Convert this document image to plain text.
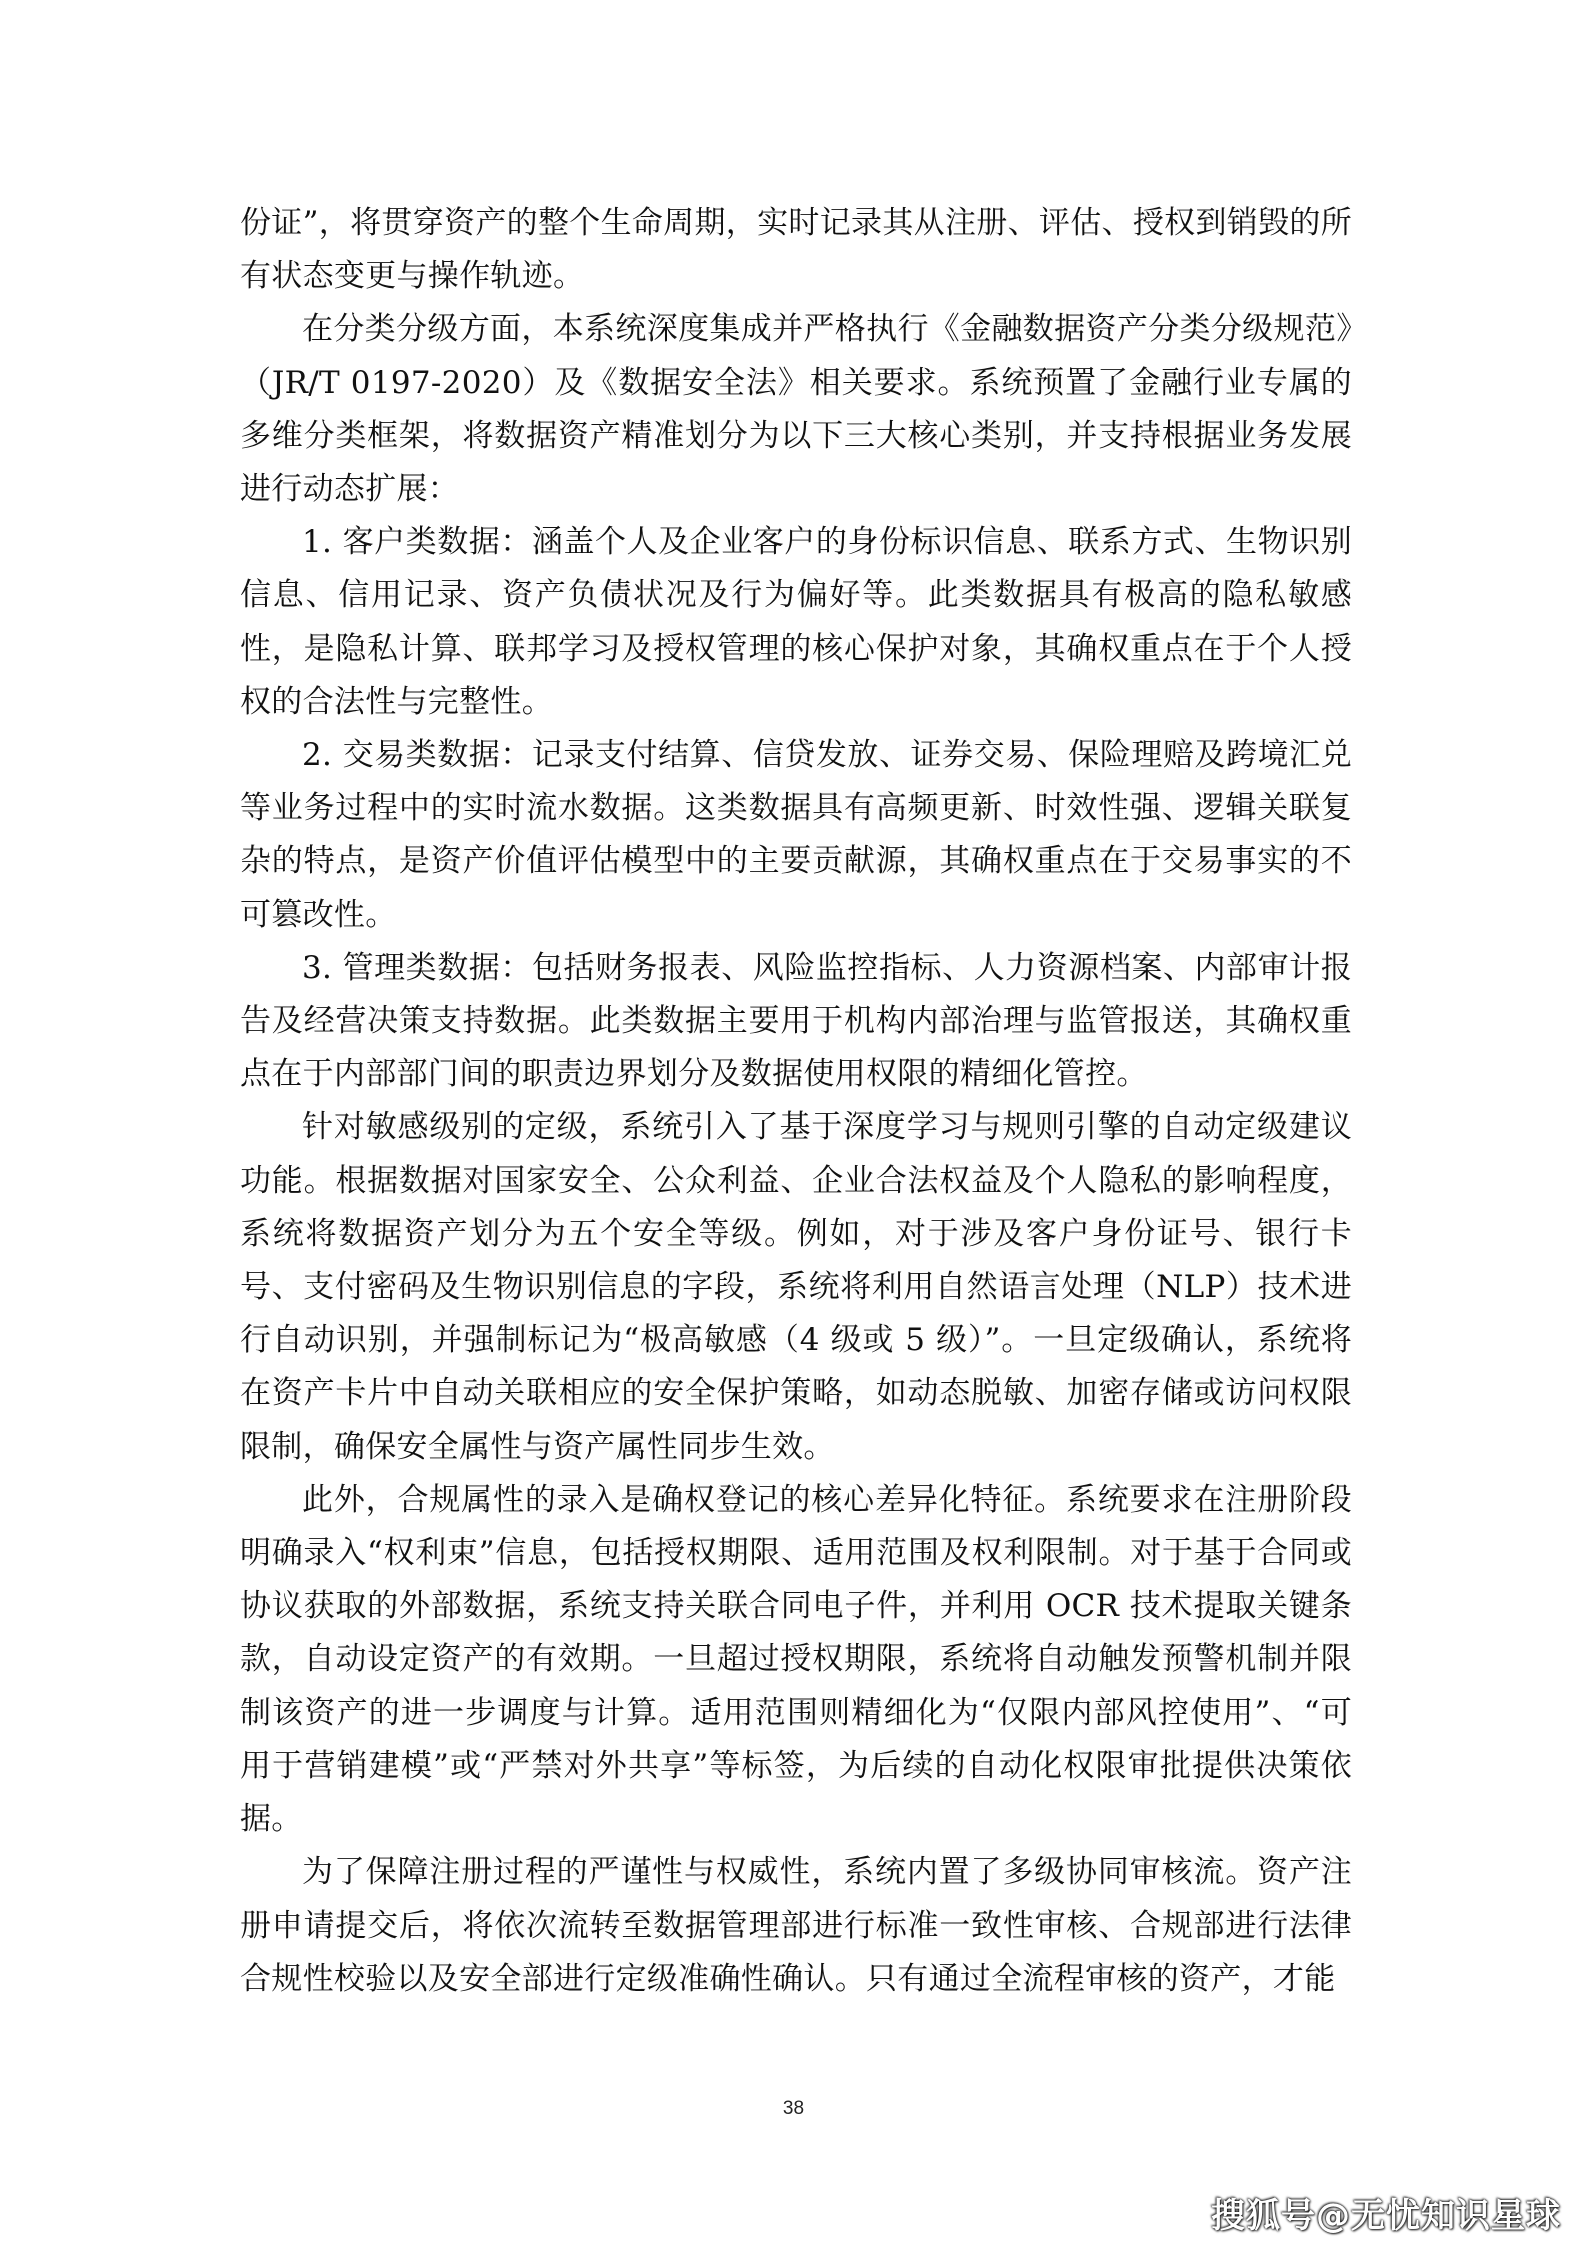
份证”，将贯穿资产的整个生命周期，实时记录其从注册、评估、授权到销毁的所有状态变更与操作轨迹。

在分类分级方面，本系统深度集成并严格执行《金融数据资产分类分级规范》（JR/T 0197-2020）及《数据安全法》相关要求。系统预置了金融行业专属的多维分类框架，将数据资产精准划分为以下三大核心类别，并支持根据业务发展进行动态扩展：

1. 客户类数据：涵盖个人及企业客户的身份标识信息、联系方式、生物识别信息、信用记录、资产负债状况及行为偏好等。此类数据具有极高的隐私敏感性，是隐私计算、联邦学习及授权管理的核心保护对象，其确权重点在于个人授权的合法性与完整性。

2. 交易类数据：记录支付结算、信贷发放、证券交易、保险理赔及跨境汇兑等业务过程中的实时流水数据。这类数据具有高频更新、时效性强、逻辑关联复杂的特点，是资产价值评估模型中的主要贡献源，其确权重点在于交易事实的不可篡改性。

3. 管理类数据：包括财务报表、风险监控指标、人力资源档案、内部审计报告及经营决策支持数据。此类数据主要用于机构内部治理与监管报送，其确权重点在于内部部门间的职责边界划分及数据使用权限的精细化管控。

针对敏感级别的定级，系统引入了基于深度学习与规则引擎的自动定级建议功能。根据数据对国家安全、公众利益、企业合法权益及个人隐私的影响程度，系统将数据资产划分为五个安全等级。例如，对于涉及客户身份证号、银行卡号、支付密码及生物识别信息的字段，系统将利用自然语言处理（NLP）技术进行自动识别，并强制标记为“极高敏感（4 级或 5 级）”。一旦定级确认，系统将在资产卡片中自动关联相应的安全保护策略，如动态脱敏、加密存储或访问权限限制，确保安全属性与资产属性同步生效。

此外，合规属性的录入是确权登记的核心差异化特征。系统要求在注册阶段明确录入“权利束”信息，包括授权期限、适用范围及权利限制。对于基于合同或协议获取的外部数据，系统支持关联合同电子件，并利用 OCR 技术提取关键条款，自动设定资产的有效期。一旦超过授权期限，系统将自动触发预警机制并限制该资产的进一步调度与计算。适用范围则精细化为“仅限内部风控使用”、“可用于营销建模”或“严禁对外共享”等标签，为后续的自动化权限审批提供决策依据。

为了保障注册过程的严谨性与权威性，系统内置了多级协同审核流。资产注册申请提交后，将依次流转至数据管理部进行标准一致性审核、合规部进行法律合规性校验以及安全部进行定级准确性确认。只有通过全流程审核的资产，才能

38
搜狐号@无忧知识星球
